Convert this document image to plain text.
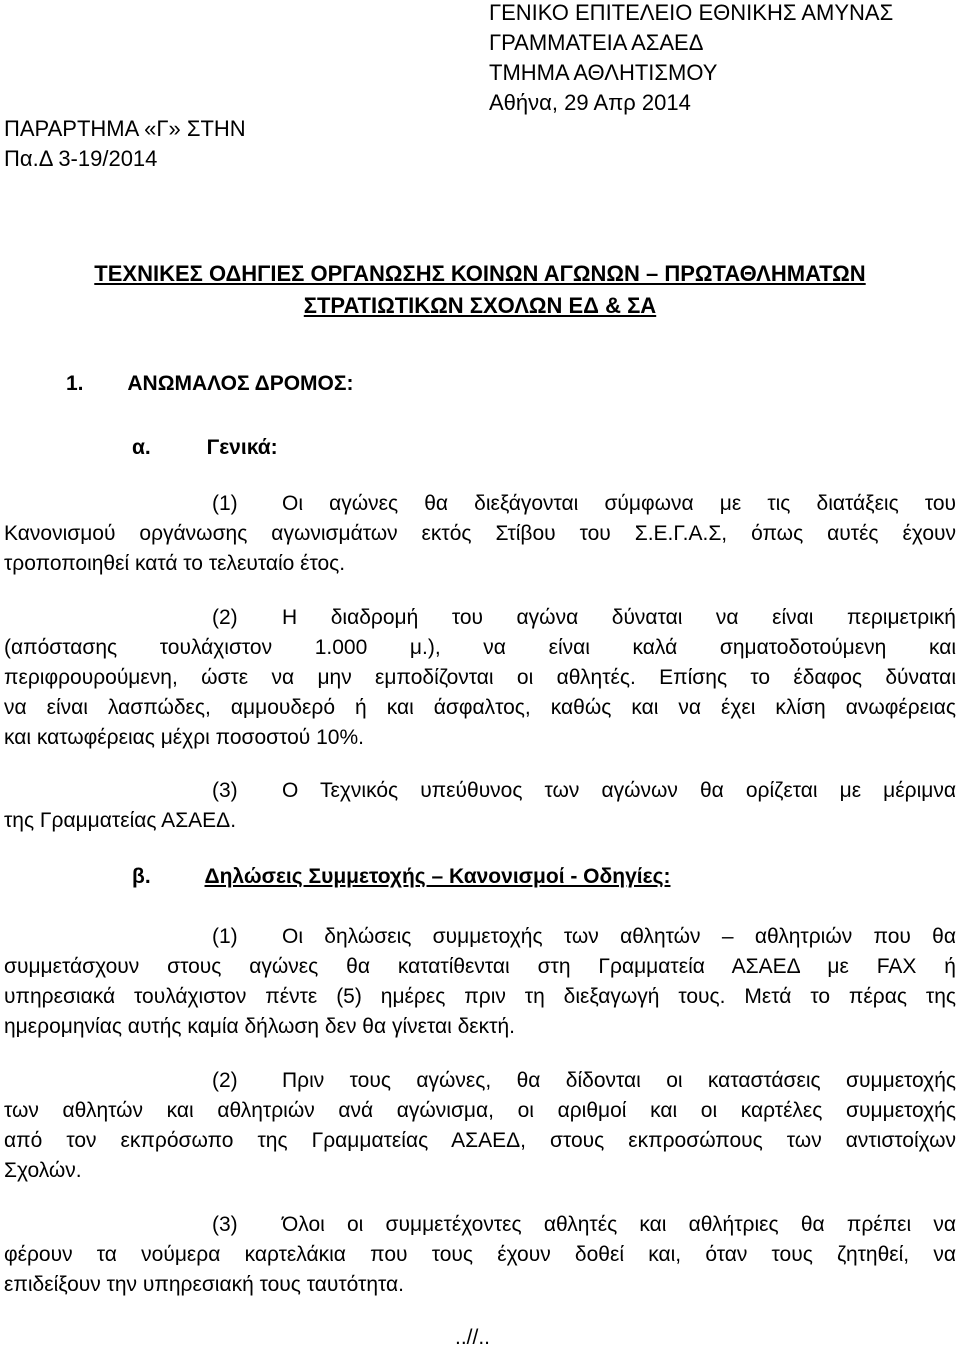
ΓΕΝΙΚΟ ΕΠΙΤΕΛΕΙΟ ΕΘΝΙΚΗΣ ΑΜΥΝΑΣ
ΓΡΑΜΜΑΤΕΙΑ ΑΣΑΕΔ
ΤΜΗΜΑ ΑΘΛΗΤΙΣΜΟΥ
Αθήνα, 29 Απρ 2014
ΠΑΡΑΡΤΗΜΑ «Γ» ΣΤΗΝ
Πα.Δ 3-19/2014
ΤΕΧΝΙΚΕΣ ΟΔΗΓΙΕΣ ΟΡΓΑΝΩΣΗΣ ΚΟΙΝΩΝ ΑΓΩΝΩΝ – ΠΡΩΤΑΘΛΗΜΑΤΩΝ
ΣΤΡΑΤΙΩΤΙΚΩΝ ΣΧΟΛΩΝ ΕΔ & ΣΑ
1. ΑΝΩΜΑΛΟΣ ΔΡΟΜΟΣ:
α.	Γενικά:
(1) Οι αγώνες θα διεξάγονται σύμφωνα με τις διατάξεις του
Κανονισμού οργάνωσης αγωνισμάτων εκτός Στίβου του Σ.Ε.Γ.Α.Σ, όπως αυτές έχουν
τροποποιηθεί κατά το τελευταίο έτος.
(2) Η διαδρομή του αγώνα δύναται να είναι περιμετρική
(απόστασης τουλάχιστον 1.000 μ.), να είναι καλά σηματοδοτούμενη και
περιφρουρούμενη, ώστε να μην εμποδίζονται οι αθλητές. Επίσης το έδαφος δύναται
να είναι λασπώδες, αμμουδερό ή και άσφαλτος, καθώς και να έχει κλίση ανωφέρειας
και κατωφέρειας μέχρι ποσοστού 10%.
(3) Ο Τεχνικός υπεύθυνος των αγώνων θα ορίζεται με μέριμνα
της Γραμματείας ΑΣΑΕΔ.
β.	Δηλώσεις Συμμετοχής – Κανονισμοί - Οδηγίες:
(1) Οι δηλώσεις συμμετοχής των αθλητών – αθλητριών που θα
συμμετάσχουν στους αγώνες θα κατατίθενται στη Γραμματεία ΑΣΑΕΔ με FAX ή
υπηρεσιακά τουλάχιστον πέντε (5) ημέρες πριν τη διεξαγωγή τους. Μετά το πέρας της
ημερομηνίας αυτής καμία δήλωση δεν θα γίνεται δεκτή.
(2) Πριν τους αγώνες, θα δίδονται οι καταστάσεις συμμετοχής
των αθλητών και αθλητριών ανά αγώνισμα, οι αριθμοί και οι καρτέλες συμμετοχής
από τον εκπρόσωπο της Γραμματείας ΑΣΑΕΔ, στους εκπροσώπους των αντιστοίχων
Σχολών.
(3) Όλοι οι συμμετέχοντες αθλητές και αθλήτριες θα πρέπει να
φέρουν τα νούμερα καρτελάκια που τους έχουν δοθεί και, όταν τους ζητηθεί, να
επιδείξουν την υπηρεσιακή τους ταυτότητα.
..//..
